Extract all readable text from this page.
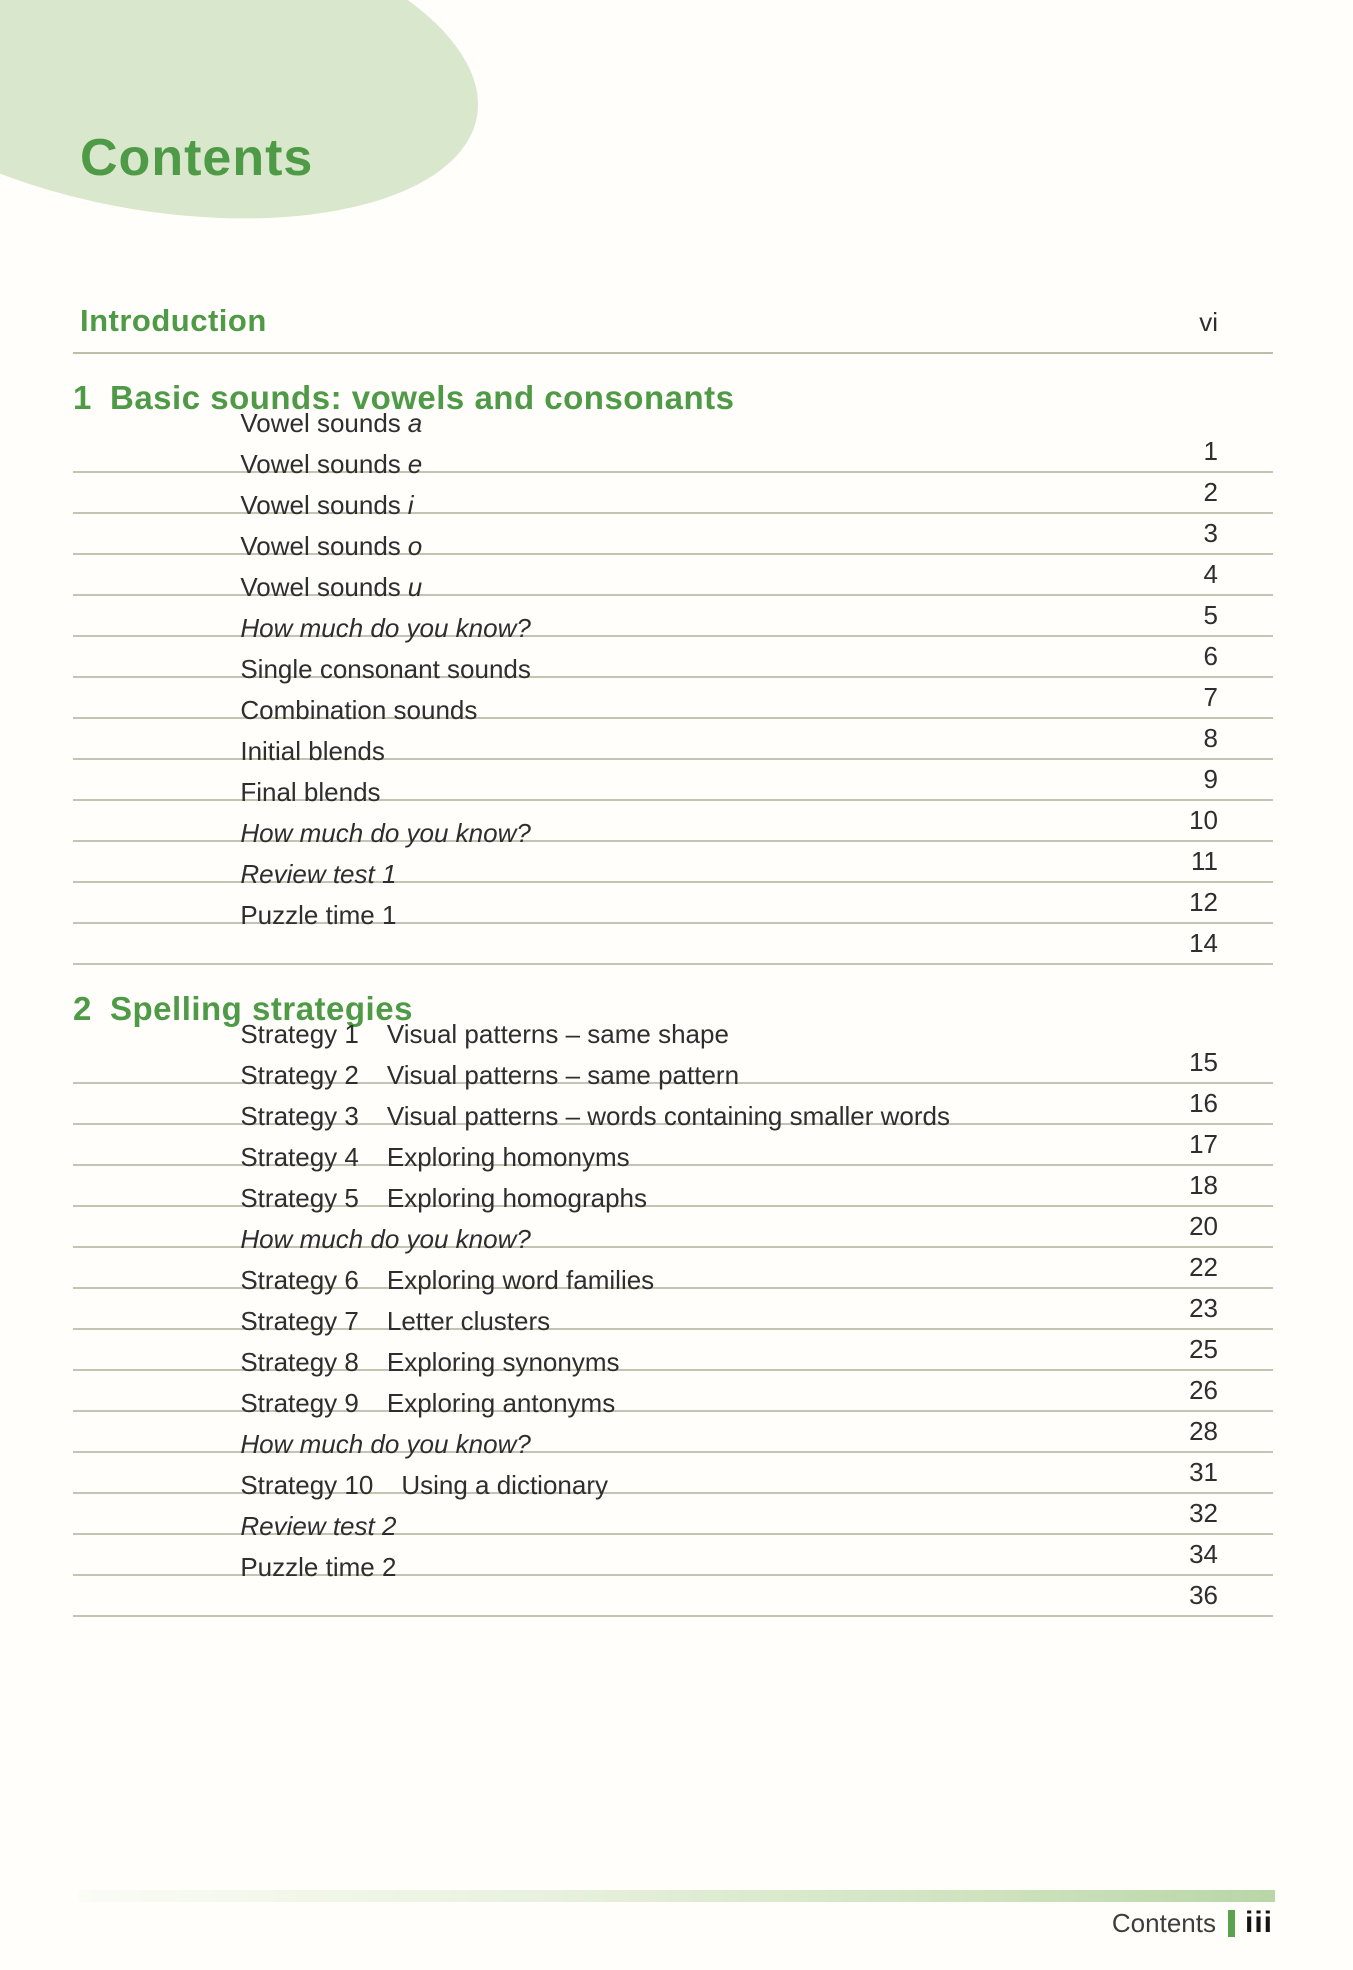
Contents
Introduction	vi
1 Basic sounds: vowels and consonants

Vowel sounds a

1

Vowel sounds e

2

Vowel sounds i

3

Vowel sounds o

4

Vowel sounds u

5

How much do you know?

6

Single consonant sounds

7

Combination sounds

8

Initial blends

9

Final blends

10

How much do you know?

11

Review test 1

12

Puzzle time 1

14
2 Spelling strategies

Strategy 1 Visual patterns – same shape

15

Strategy 2 Visual patterns – same pattern

16

Strategy 3 Visual patterns – words containing smaller words

17

Strategy 4 Exploring homonyms

18

Strategy 5 Exploring homographs

20

How much do you know?

22

Strategy 6 Exploring word families

23

Strategy 7 Letter clusters

25

Strategy 8 Exploring synonyms

26

Strategy 9 Exploring antonyms

28

How much do you know?

31

Strategy 10 Using a dictionary

32

Review test 2

34

Puzzle time 2

36
Contents iii
